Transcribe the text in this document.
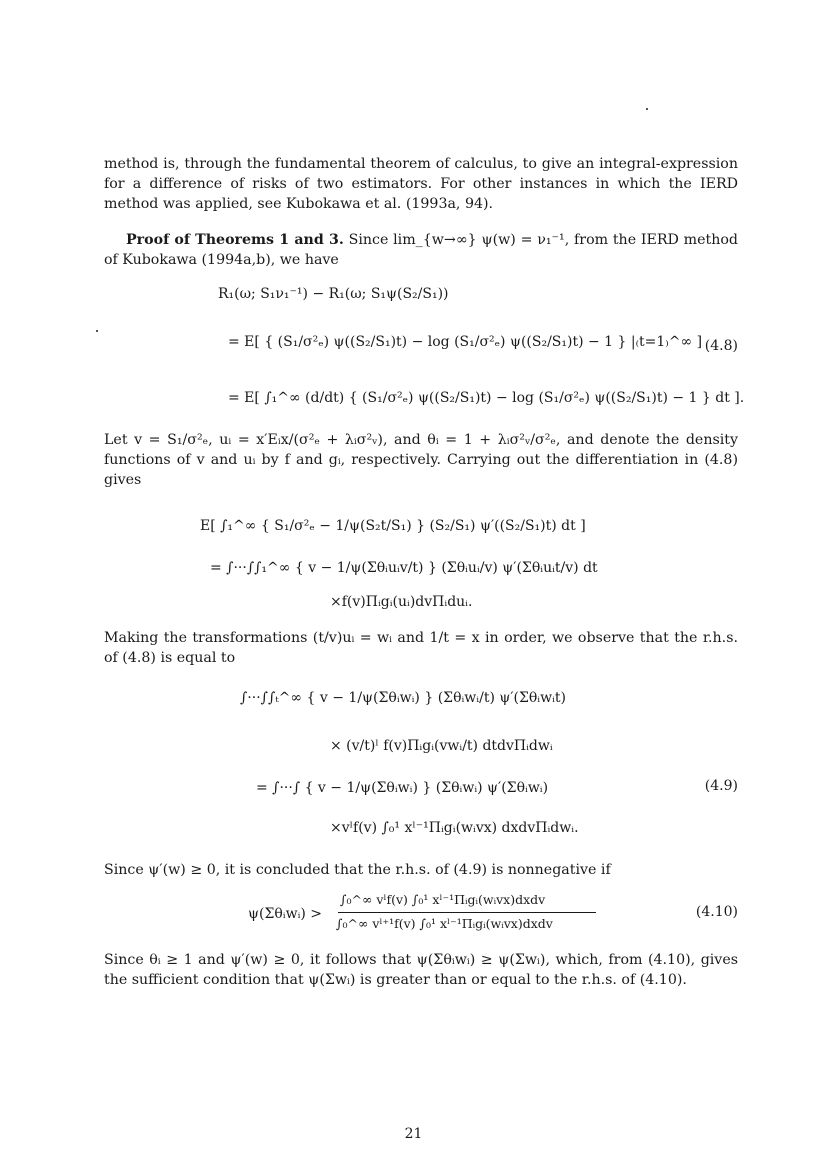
method is, through the fundamental theorem of calculus, to give an integral-expression for a difference of risks of two estimators. For other instances in which the IERD method was applied, see Kubokawa et al. (1993a, 94).

Proof of Theorems 1 and 3. Since lim_{w→∞} ψ(w) = ν₁⁻¹, from the IERD method of Kubokawa (1994a,b), we have

R₁(ω; S₁ν₁⁻¹) − R₁(ω; S₁ψ(S₂/S₁))
= E[ { (S₁/σ²ₑ) ψ((S₂/S₁)t) − log (S₁/σ²ₑ) ψ((S₂/S₁)t) − 1 } |₍t=1₎^∞ ]
= E[ ∫₁^∞ (d/dt) { (S₁/σ²ₑ) ψ((S₂/S₁)t) − log (S₁/σ²ₑ) ψ((S₂/S₁)t) − 1 } dt ].
(4.8)

Let v = S₁/σ²ₑ, uᵢ = x′Eᵢx/(σ²ₑ + λᵢσ²ᵥ), and θᵢ = 1 + λᵢσ²ᵥ/σ²ₑ, and denote the density functions of v and uᵢ by f and gᵢ, respectively. Carrying out the differentiation in (4.8) gives

E[ ∫₁^∞ { S₁/σ²ₑ − 1/ψ(S₂t/S₁) } (S₂/S₁) ψ′((S₂/S₁)t) dt ]
= ∫···∫∫₁^∞ { v − 1/ψ(Σθᵢuᵢv/t) } (Σθᵢuᵢ/v) ψ′(Σθᵢuᵢt/v) dt
×f(v)Πᵢgᵢ(uᵢ)dvΠᵢduᵢ.

Making the transformations (t/v)uᵢ = wᵢ and 1/t = x in order, we observe that the r.h.s. of (4.8) is equal to

∫···∫∫ₜ^∞ { v − 1/ψ(Σθᵢwᵢ) } (Σθᵢwᵢ/t) ψ′(Σθᵢwᵢt)
× (v/t)ˡ f(v)Πᵢgᵢ(vwᵢ/t) dtdvΠᵢdwᵢ
= ∫···∫ { v − 1/ψ(Σθᵢwᵢ) } (Σθᵢwᵢ) ψ′(Σθᵢwᵢ)	(4.9)
×vˡf(v) ∫₀¹ xˡ⁻¹Πᵢgᵢ(wᵢvx) dxdvΠᵢdwᵢ.

Since ψ′(w) ≥ 0, it is concluded that the r.h.s. of (4.9) is nonnegative if

ψ(Σθᵢwᵢ) >
∫₀^∞ vˡf(v) ∫₀¹ xˡ⁻¹Πᵢgᵢ(wᵢvx)dxdv
∫₀^∞ vˡ⁺¹f(v) ∫₀¹ xˡ⁻¹Πᵢgᵢ(wᵢvx)dxdv
(4.10)

Since θᵢ ≥ 1 and ψ′(w) ≥ 0, it follows that ψ(Σθᵢwᵢ) ≥ ψ(Σwᵢ), which, from (4.10), gives the sufficient condition that ψ(Σwᵢ) is greater than or equal to the r.h.s. of (4.10).

21
